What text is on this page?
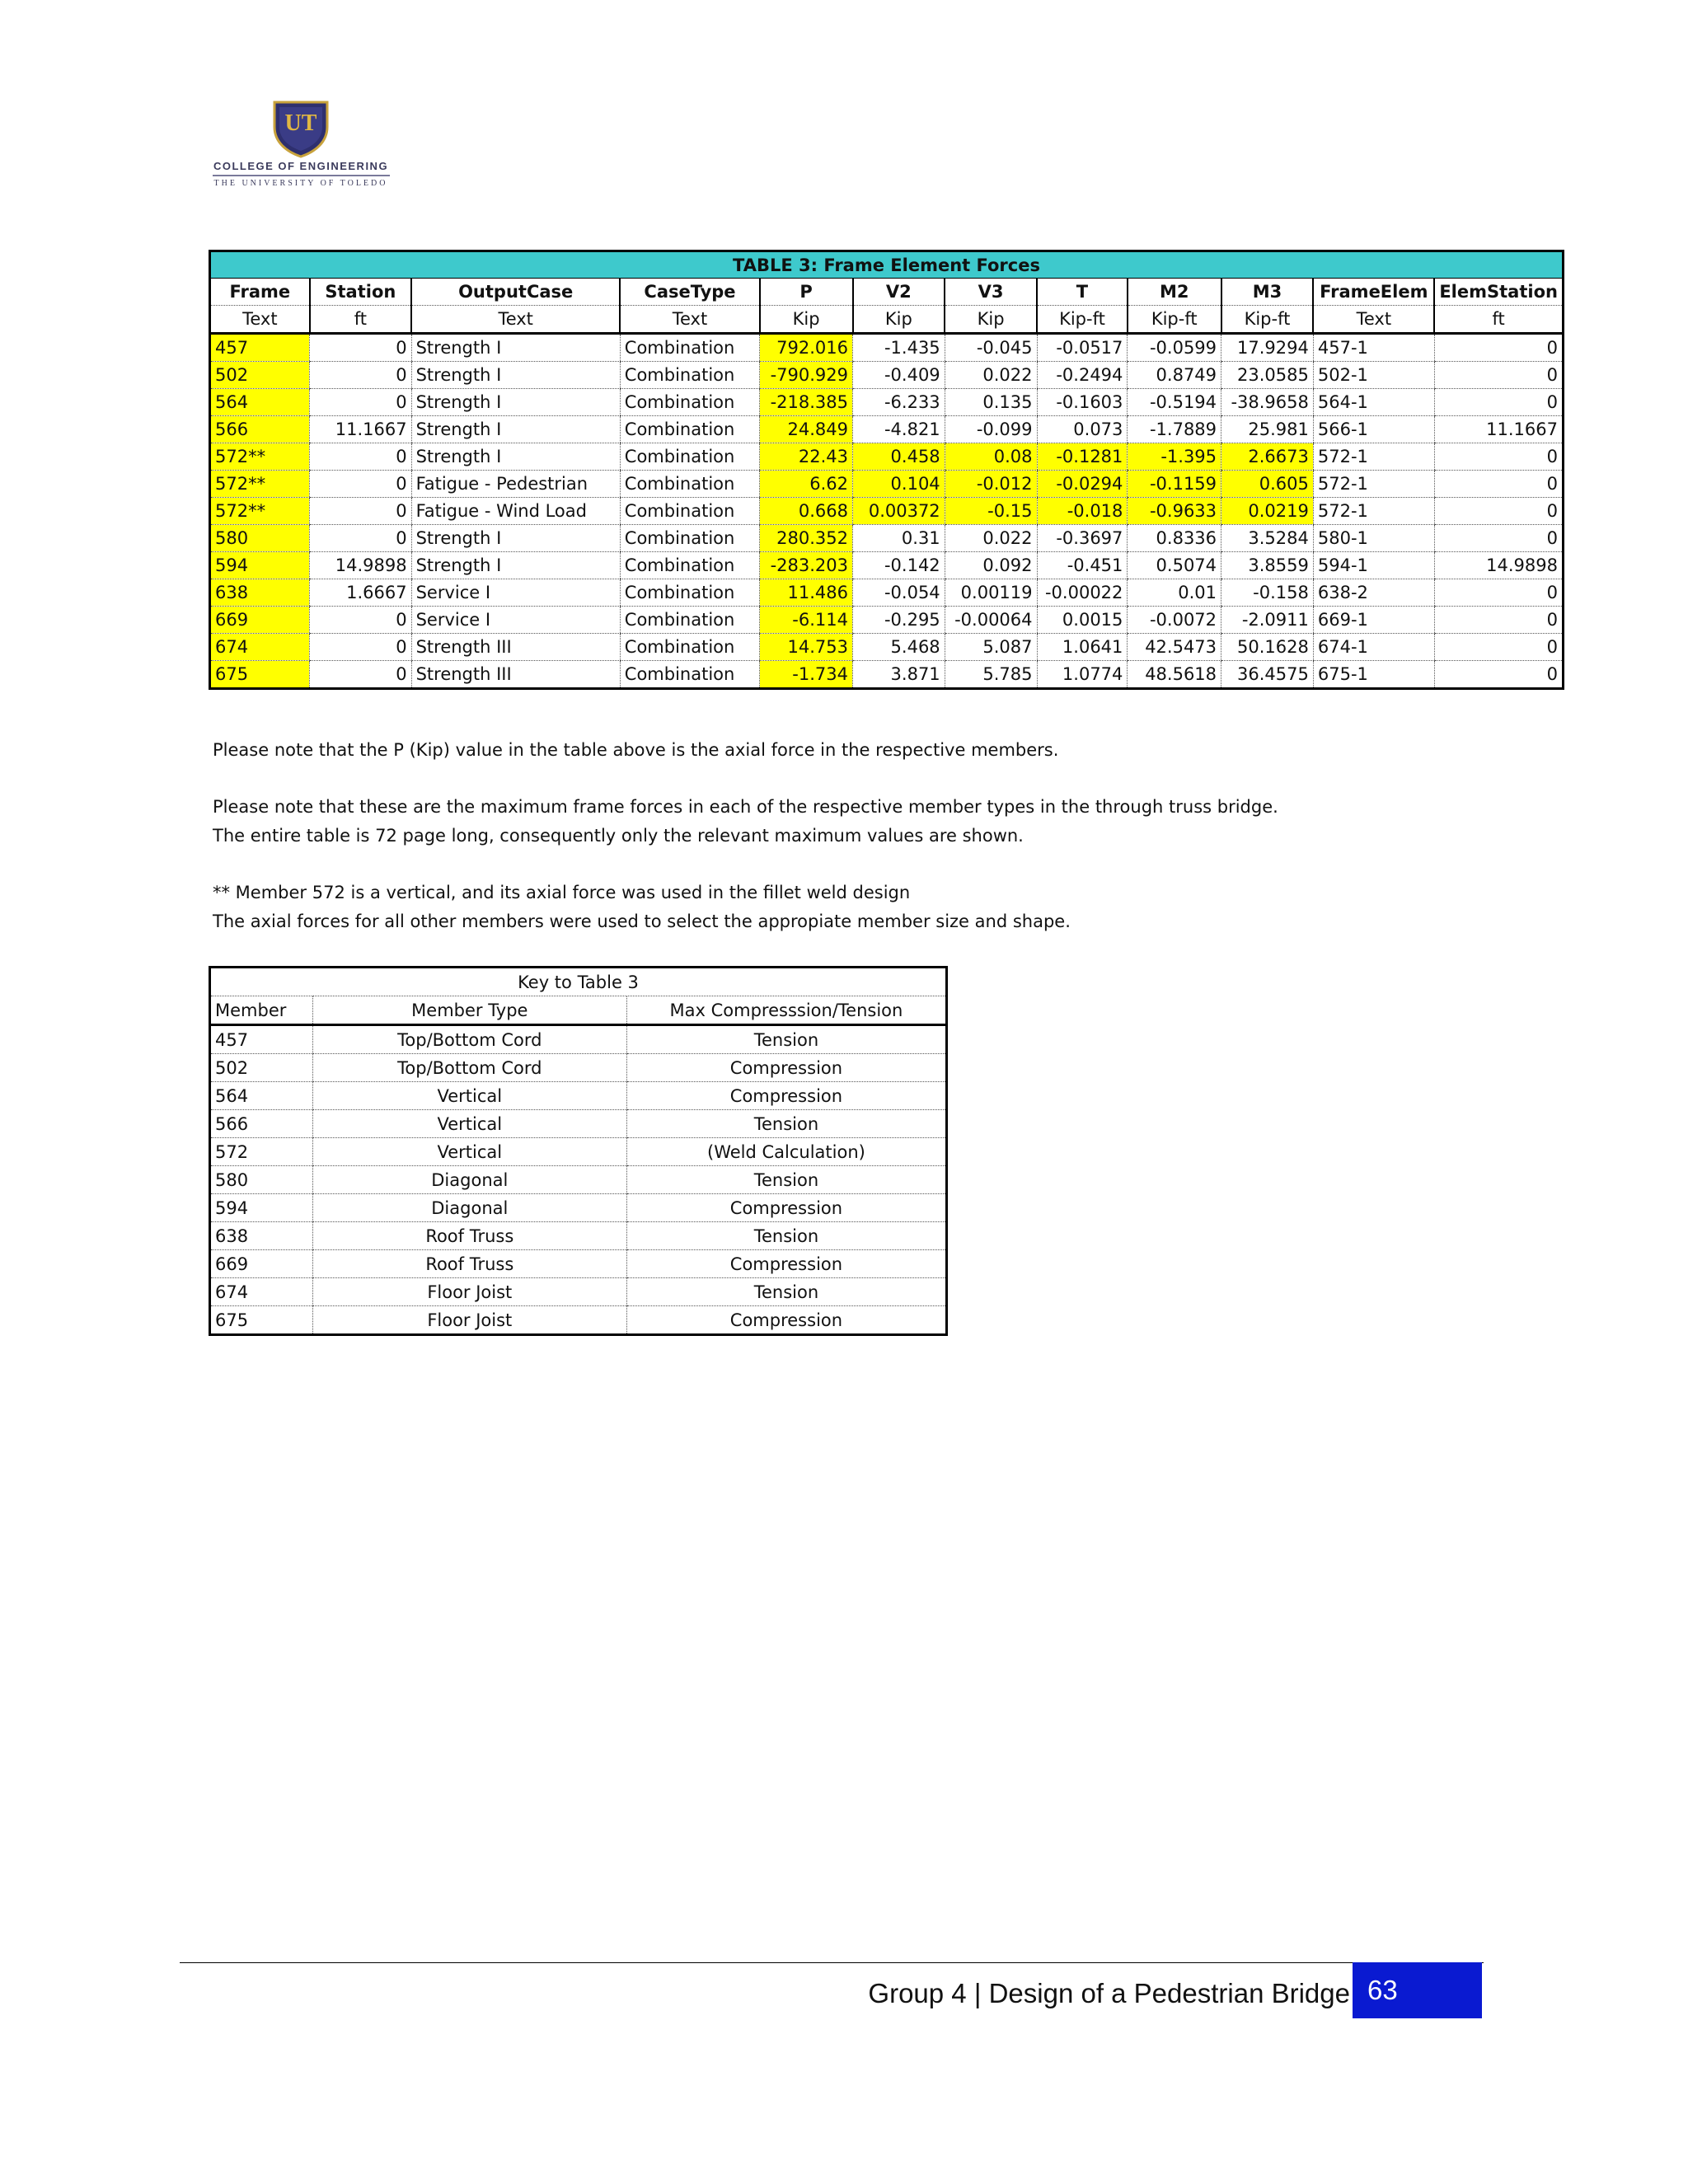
UT
COLLEGE OF ENGINEERING
THE UNIVERSITY OF TOLEDO
TABLE 3: Frame Element Forces											
Frame	Station	OutputCase	CaseType	P	V2	V3	T	M2	M3	FrameElem	ElemStation
Text	ft	Text	Text	Kip	Kip	Kip	Kip-ft	Kip-ft	Kip-ft	Text	ft
457	0	Strength I	Combination	792.016	-1.435	-0.045	-0.0517	-0.0599	17.9294	457-1	0
502	0	Strength I	Combination	-790.929	-0.409	0.022	-0.2494	0.8749	23.0585	502-1	0
564	0	Strength I	Combination	-218.385	-6.233	0.135	-0.1603	-0.5194	-38.9658	564-1	0
566	11.1667	Strength I	Combination	24.849	-4.821	-0.099	0.073	-1.7889	25.981	566-1	11.1667
572**	0	Strength I	Combination	22.43	0.458	0.08	-0.1281	-1.395	2.6673	572-1	0
572**	0	Fatigue - Pedestrian	Combination	6.62	0.104	-0.012	-0.0294	-0.1159	0.605	572-1	0
572**	0	Fatigue - Wind Load	Combination	0.668	0.00372	-0.15	-0.018	-0.9633	0.0219	572-1	0
580	0	Strength I	Combination	280.352	0.31	0.022	-0.3697	0.8336	3.5284	580-1	0
594	14.9898	Strength I	Combination	-283.203	-0.142	0.092	-0.451	0.5074	3.8559	594-1	14.9898
638	1.6667	Service I	Combination	11.486	-0.054	0.00119	-0.00022	0.01	-0.158	638-2	0
669	0	Service I	Combination	-6.114	-0.295	-0.00064	0.0015	-0.0072	-2.0911	669-1	0
674	0	Strength III	Combination	14.753	5.468	5.087	1.0641	42.5473	50.1628	674-1	0
675	0	Strength III	Combination	-1.734	3.871	5.785	1.0774	48.5618	36.4575	675-1	0

Please note that the P (Kip) value in the table above is the axial force in the respective members.

Please note that these are the maximum frame forces in each of the respective member types in the through truss bridge.

The entire table is 72 page long, consequently only the relevant maximum values are shown.

** Member 572 is a vertical, and its axial force was used in the fillet weld design

The axial forces for all other members were used to select the appropiate member size and shape.

Key to Table 3		
Member	Member Type	Max Compresssion/Tension
457	Top/Bottom Cord	Tension
502	Top/Bottom Cord	Compression
564	Vertical	Compression
566	Vertical	Tension
572	Vertical	(Weld Calculation)
580	Diagonal	Tension
594	Diagonal	Compression
638	Roof Truss	Tension
669	Roof Truss	Compression
674	Floor Joist	Tension
675	Floor Joist	Compression
Group 4 | Design of a Pedestrian Bridge 63
